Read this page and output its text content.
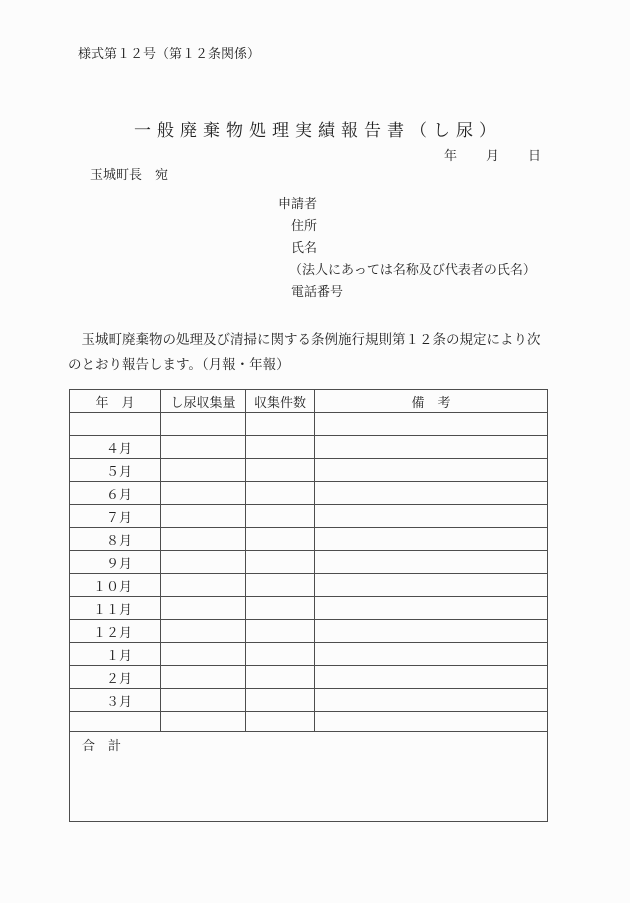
様式第１２号（第１２条関係）
一般廃棄物処理実績報告書（し尿）
年　　月　　日
玉城町長　宛
申請者
住所
氏名
（法人にあっては名称及び代表者の氏名）
電話番号
　玉城町廃棄物の処理及び清掃に関する条例施行規則第１２条の規定により次
のとおり報告します。（月報・年報）
年　月	し尿収集量	収集件数	備　考

４月			
５月			
６月			
７月			
８月			
９月			
１０月			
１１月			
１２月			
１月			
２月			
３月			

合　計			
